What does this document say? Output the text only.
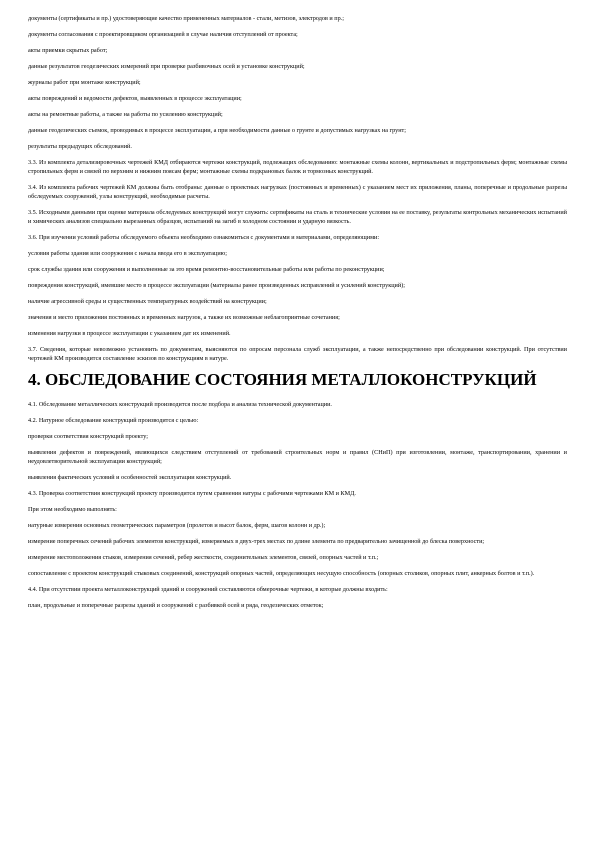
документы (сертификаты и пр.) удостоверяющие качество примененных материалов - стали, метизов, электродов и пр.;

документы согласования с проектировщиком организацией в случае наличия отступлений от проекта;

акты приемки скрытых работ;

данные результатов геодезических измерений при проверке разбивочных осей и установке конструкций;

журналы работ при монтаже конструкций;

акты повреждений и ведомости дефектов, выявленных в процессе эксплуатации;

акты на ремонтные работы, а также на работы по усилению конструкций;

данные геодезических съемок, проводимых в процессе эксплуатации, а при необходимости данные о грунте и допустимых нагрузках на грунт;

результаты предыдущих обследований.

3.3. Из комплекта детализировочных чертежей КМД отбираются чертежи конструкций, подлежащих обследованию: монтажные схемы колонн, вертикальных и подстропильных ферм; монтажные схемы стропильных ферм и связей по верхним и нижним поясам ферм; монтажные схемы подкрановых балок и тормозных конструкций.

3.4. Из комплекта рабочих чертежей КМ должны быть отобраны: данные о проектных нагрузках (постоянных и временных) с указанием мест их приложения, планы, поперечные и продольные разрезы обследуемых сооружений, узлы конструкций, необходимые расчеты.

3.5. Исходными данными при оценке материала обследуемых конструкций могут служить: сертификаты на сталь и технические условия на ее поставку, результаты контрольных механических испытаний и химических анализов специально вырезанных образцов, испытаний на загиб в холодном состоянии и ударную вязкость.

3.6. При изучении условий работы обследуемого объекта необходимо ознакомиться с документами и материалами, определяющими:

условия работы здания или сооружения с начала ввода его в эксплуатацию;

срок службы здания или сооружения и выполненные за это время ремонтно-восстановительные работы или работы по реконструкции;

повреждения конструкций, имевшие место в процессе эксплуатации (материалы ранее произведенных исправлений и усилений конструкций);

наличие агрессивной среды и существенных температурных воздействий на конструкции;

значения и место приложения постоянных и временных нагрузок, а также их возможные неблагоприятные сочетания;

изменения нагрузки в процессе эксплуатации с указанием дат их изменений.

3.7. Сведения, которые невозможно установить по документам, выясняются по опросам персонала служб эксплуатации, а также непосредственно при обследовании конструкций. При отсутствии чертежей КМ производится составление эскизов по конструкциям в натуре.

4. ОБСЛЕДОВАНИЕ СОСТОЯНИЯ МЕТАЛЛОКОНСТРУКЦИЙ

4.1. Обследование металлических конструкций производится после подбора и анализа технической документации.

4.2. Натурное обследование конструкций производится с целью:

проверки соответствия конструкций проекту;

выявления дефектов и повреждений, являющихся следствием отступлений от требований строительных норм и правил (СНиП) при изготовлении, монтаже, транспортировании, хранении и неудовлетворительной эксплуатации конструкций;

выявления фактических условий и особенностей эксплуатации конструкций.

4.3. Проверка соответствия конструкций проекту производится путем сравнения натуры с рабочими чертежами КМ и КМД.

При этом необходимо выполнять:

натурные измерения основных геометрических параметров (пролетов и высот балок, ферм, шагов колонн и др.);

измерение поперечных сечений рабочих элементов конструкций, измеряемых в двух-трех местах по длине элемента по предварительно зачищенной до блеска поверхности;

измерение местоположения стыков, измерения сечений, ребер жесткости, соединительных элементов, связей, опорных частей и т.п.;

сопоставление с проектом конструкций стыковых соединений, конструкций опорных частей, определяющих несущую способность (опорных столиков, опорных плит, анкерных болтов и т.п.).

4.4. При отсутствии проекта металлоконструкций зданий и сооружений составляются обмерочные чертежи, в которые должны входить:

план, продольные и поперечные разрезы зданий и сооружений с разбивкой осей и ряда, геодезических отметок;
